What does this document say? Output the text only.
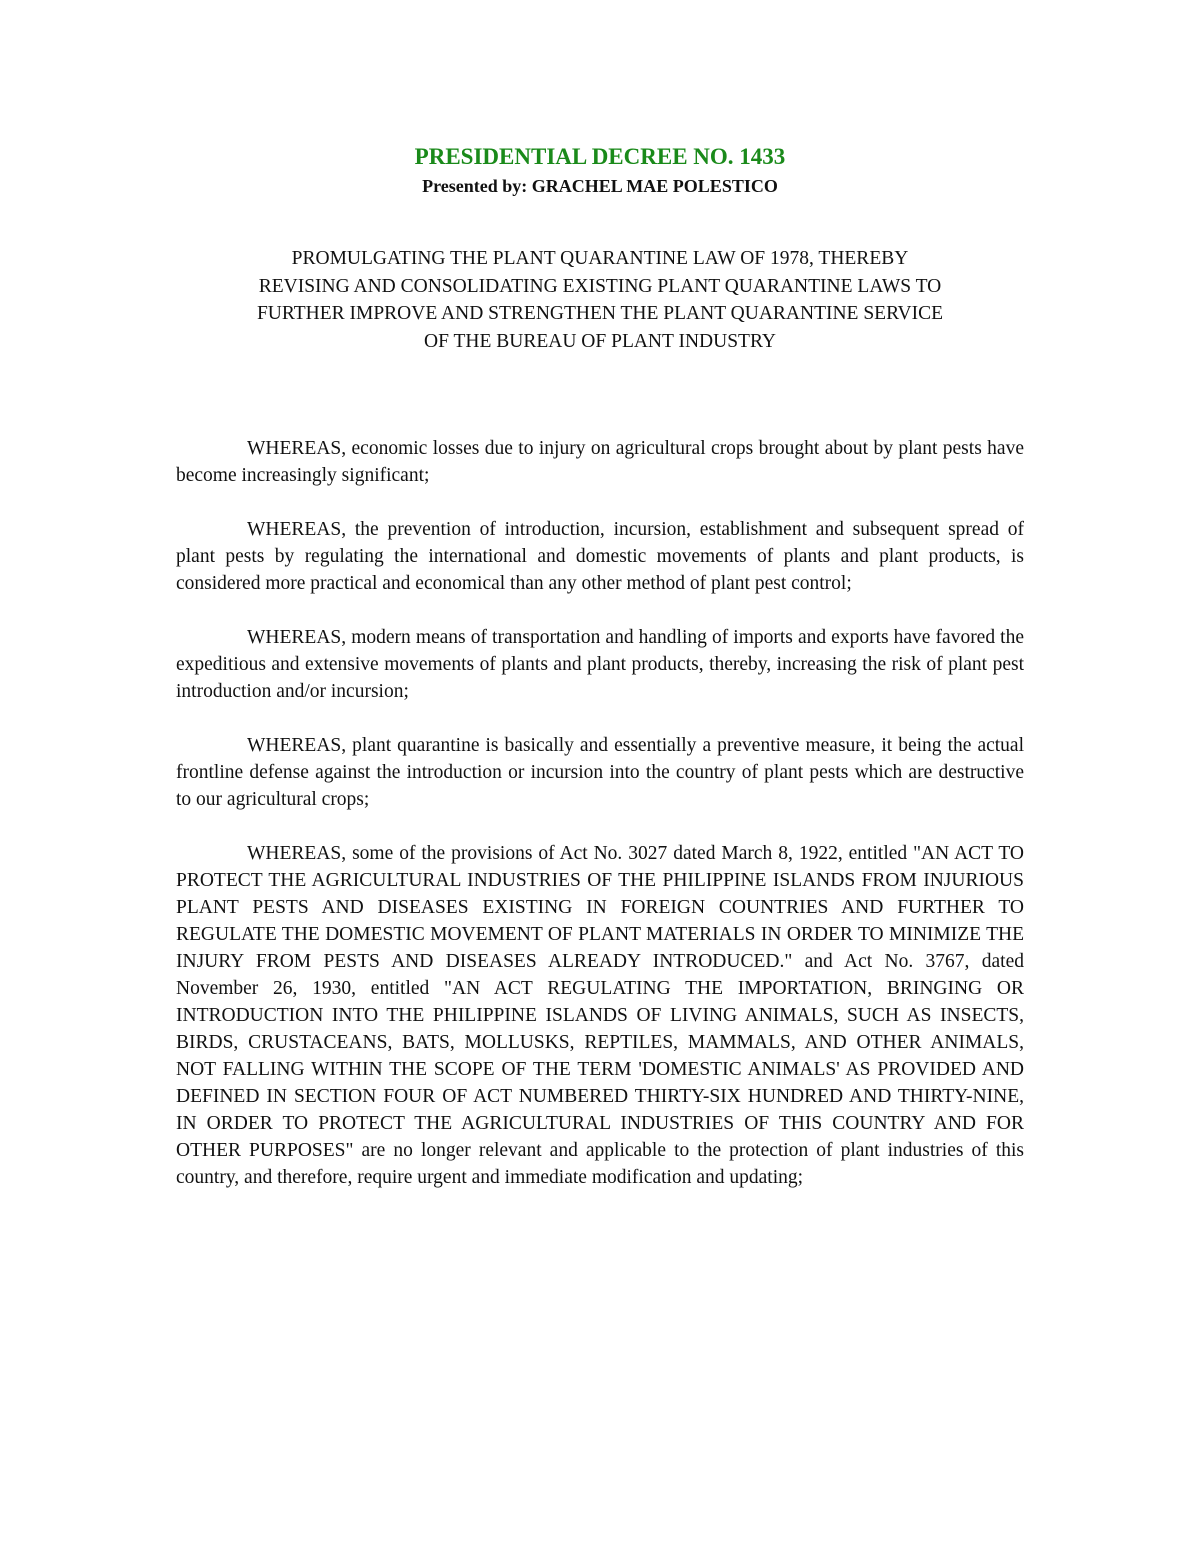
PRESIDENTIAL DECREE NO. 1433
Presented by: GRACHEL MAE POLESTICO

PROMULGATING THE PLANT QUARANTINE LAW OF 1978, THEREBY
REVISING AND CONSOLIDATING EXISTING PLANT QUARANTINE LAWS TO
FURTHER IMPROVE AND STRENGTHEN THE PLANT QUARANTINE SERVICE
OF THE BUREAU OF PLANT INDUSTRY

WHEREAS, economic losses due to injury on agricultural crops brought about by plant pests have become increasingly significant;

WHEREAS, the prevention of introduction, incursion, establishment and subsequent spread of plant pests by regulating the international and domestic movements of plants and plant products, is considered more practical and economical than any other method of plant pest control;

WHEREAS, modern means of transportation and handling of imports and exports have favored the expeditious and extensive movements of plants and plant products, thereby, increasing the risk of plant pest introduction and/or incursion;

WHEREAS, plant quarantine is basically and essentially a preventive measure, it being the actual frontline defense against the introduction or incursion into the country of plant pests which are destructive to our agricultural crops;

WHEREAS, some of the provisions of Act No. 3027 dated March 8, 1922, entitled "AN ACT TO PROTECT THE AGRICULTURAL INDUSTRIES OF THE PHILIPPINE ISLANDS FROM INJURIOUS PLANT PESTS AND DISEASES EXISTING IN FOREIGN COUNTRIES AND FURTHER TO REGULATE THE DOMESTIC MOVEMENT OF PLANT MATERIALS IN ORDER TO MINIMIZE THE INJURY FROM PESTS AND DISEASES ALREADY INTRODUCED." and Act No. 3767, dated November 26, 1930, entitled "AN ACT REGULATING THE IMPORTATION, BRINGING OR INTRODUCTION INTO THE PHILIPPINE ISLANDS OF LIVING ANIMALS, SUCH AS INSECTS, BIRDS, CRUSTACEANS, BATS, MOLLUSKS, REPTILES, MAMMALS, AND OTHER ANIMALS, NOT FALLING WITHIN THE SCOPE OF THE TERM 'DOMESTIC ANIMALS' AS PROVIDED AND DEFINED IN SECTION FOUR OF ACT NUMBERED THIRTY-SIX HUNDRED AND THIRTY-NINE, IN ORDER TO PROTECT THE AGRICULTURAL INDUSTRIES OF THIS COUNTRY AND FOR OTHER PURPOSES" are no longer relevant and applicable to the protection of plant industries of this country, and therefore, require urgent and immediate modification and updating;
